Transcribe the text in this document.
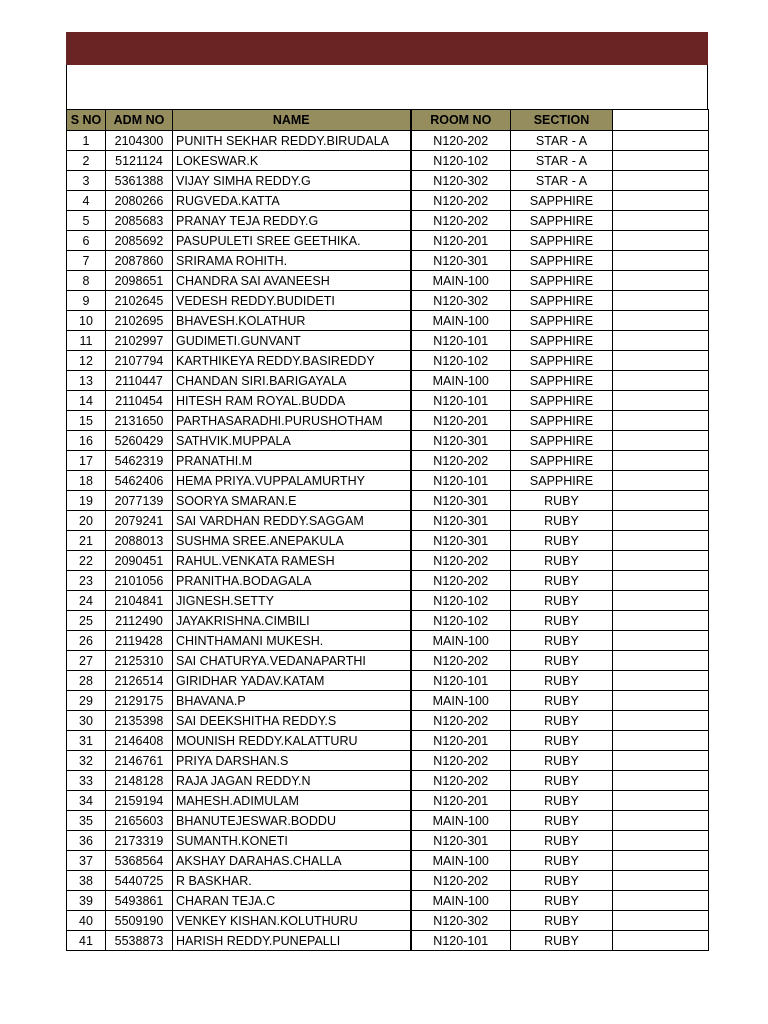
S NO	ADM NO	NAME	ROOM NO	SECTION	
1	2104300	PUNITH SEKHAR REDDY.BIRUDALA	N120-202	STAR - A	
2	5121124	LOKESWAR.K	N120-102	STAR - A	
3	5361388	VIJAY SIMHA REDDY.G	N120-302	STAR - A	
4	2080266	RUGVEDA.KATTA	N120-202	SAPPHIRE	
5	2085683	PRANAY TEJA REDDY.G	N120-202	SAPPHIRE	
6	2085692	PASUPULETI SREE GEETHIKA.	N120-201	SAPPHIRE	
7	2087860	SRIRAMA ROHITH.	N120-301	SAPPHIRE	
8	2098651	CHANDRA SAI AVANEESH	MAIN-100	SAPPHIRE	
9	2102645	VEDESH REDDY.BUDIDETI	N120-302	SAPPHIRE	
10	2102695	BHAVESH.KOLATHUR	MAIN-100	SAPPHIRE	
11	2102997	GUDIMETI.GUNVANT	N120-101	SAPPHIRE	
12	2107794	KARTHIKEYA REDDY.BASIREDDY	N120-102	SAPPHIRE	
13	2110447	CHANDAN SIRI.BARIGAYALA	MAIN-100	SAPPHIRE	
14	2110454	HITESH RAM ROYAL.BUDDA	N120-101	SAPPHIRE	
15	2131650	PARTHASARADHI.PURUSHOTHAM	N120-201	SAPPHIRE	
16	5260429	SATHVIK.MUPPALA	N120-301	SAPPHIRE	
17	5462319	PRANATHI.M	N120-202	SAPPHIRE	
18	5462406	HEMA PRIYA.VUPPALAMURTHY	N120-101	SAPPHIRE	
19	2077139	SOORYA SMARAN.E	N120-301	RUBY	
20	2079241	SAI VARDHAN REDDY.SAGGAM	N120-301	RUBY	
21	2088013	SUSHMA SREE.ANEPAKULA	N120-301	RUBY	
22	2090451	RAHUL.VENKATA RAMESH	N120-202	RUBY	
23	2101056	PRANITHA.BODAGALA	N120-202	RUBY	
24	2104841	JIGNESH.SETTY	N120-102	RUBY	
25	2112490	JAYAKRISHNA.CIMBILI	N120-102	RUBY	
26	2119428	CHINTHAMANI MUKESH.	MAIN-100	RUBY	
27	2125310	SAI CHATURYA.VEDANAPARTHI	N120-202	RUBY	
28	2126514	GIRIDHAR YADAV.KATAM	N120-101	RUBY	
29	2129175	BHAVANA.P	MAIN-100	RUBY	
30	2135398	SAI DEEKSHITHA REDDY.S	N120-202	RUBY	
31	2146408	MOUNISH REDDY.KALATTURU	N120-201	RUBY	
32	2146761	PRIYA DARSHAN.S	N120-202	RUBY	
33	2148128	RAJA JAGAN REDDY.N	N120-202	RUBY	
34	2159194	MAHESH.ADIMULAM	N120-201	RUBY	
35	2165603	BHANUTEJESWAR.BODDU	MAIN-100	RUBY	
36	2173319	SUMANTH.KONETI	N120-301	RUBY	
37	5368564	AKSHAY DARAHAS.CHALLA	MAIN-100	RUBY	
38	5440725	R BASKHAR.	N120-202	RUBY	
39	5493861	CHARAN TEJA.C	MAIN-100	RUBY	
40	5509190	VENKEY KISHAN.KOLUTHURU	N120-302	RUBY	
41	5538873	HARISH REDDY.PUNEPALLI	N120-101	RUBY	
